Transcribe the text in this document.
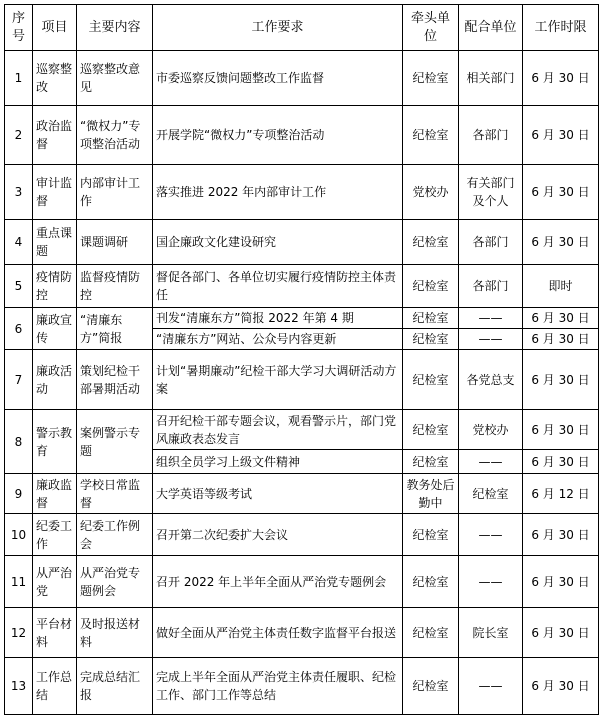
序号	项目	主要内容	工作要求	牵头单位	配合单位	工作时限
1	巡察整改	巡察整改意见	市委巡察反馈问题整改工作监督	纪检室	相关部门	6 月 30 日
2	政治监督	“微权力”专项整治活动	开展学院“微权力”专项整治活动	纪检室	各部门	6 月 30 日
3	审计监督	内部审计工作	落实推进 2022 年内部审计工作	党校办	有关部门及个人	6 月 30 日
4	重点课题	课题调研	国企廉政文化建设研究	纪检室	各部门	6 月 30 日
5	疫情防控	监督疫情防控	督促各部门、各单位切实履行疫情防控主体责任	纪检室	各部门	即时
6	廉政宣传	“清廉东方”简报	刊发“清廉东方”简报 2022 年第 4 期	纪检室	——	6 月 30 日
			“清廉东方”网站、公众号内容更新	纪检室	——	6 月 30 日
7	廉政活动	策划纪检干部暑期活动	计划“暑期廉动”纪检干部大学习大调研活动方案	纪检室	各党总支	6 月 30 日
8	警示教育	案例警示专题	召开纪检干部专题会议，观看警示片，部门党风廉政表态发言	纪检室	党校办	6 月 30 日
			组织全员学习上级文件精神	纪检室	——	6 月 30 日
9	廉政监督	学校日常监督	大学英语等级考试	教务处后勤中	纪检室	6 月 12 日
10	纪委工作	纪委工作例会	召开第二次纪委扩大会议	纪检室	——	6 月 30 日
11	从严治党	从严治党专题例会	召开 2022 年上半年全面从严治党专题例会	纪检室	——	6 月 30 日
12	平台材料	及时报送材料	做好全面从严治党主体责任数字监督平台报送	纪检室	院长室	6 月 30 日
13	工作总结	完成总结汇报	完成上半年全面从严治党主体责任履职、纪检工作、部门工作等总结	纪检室	——	6 月 30 日
